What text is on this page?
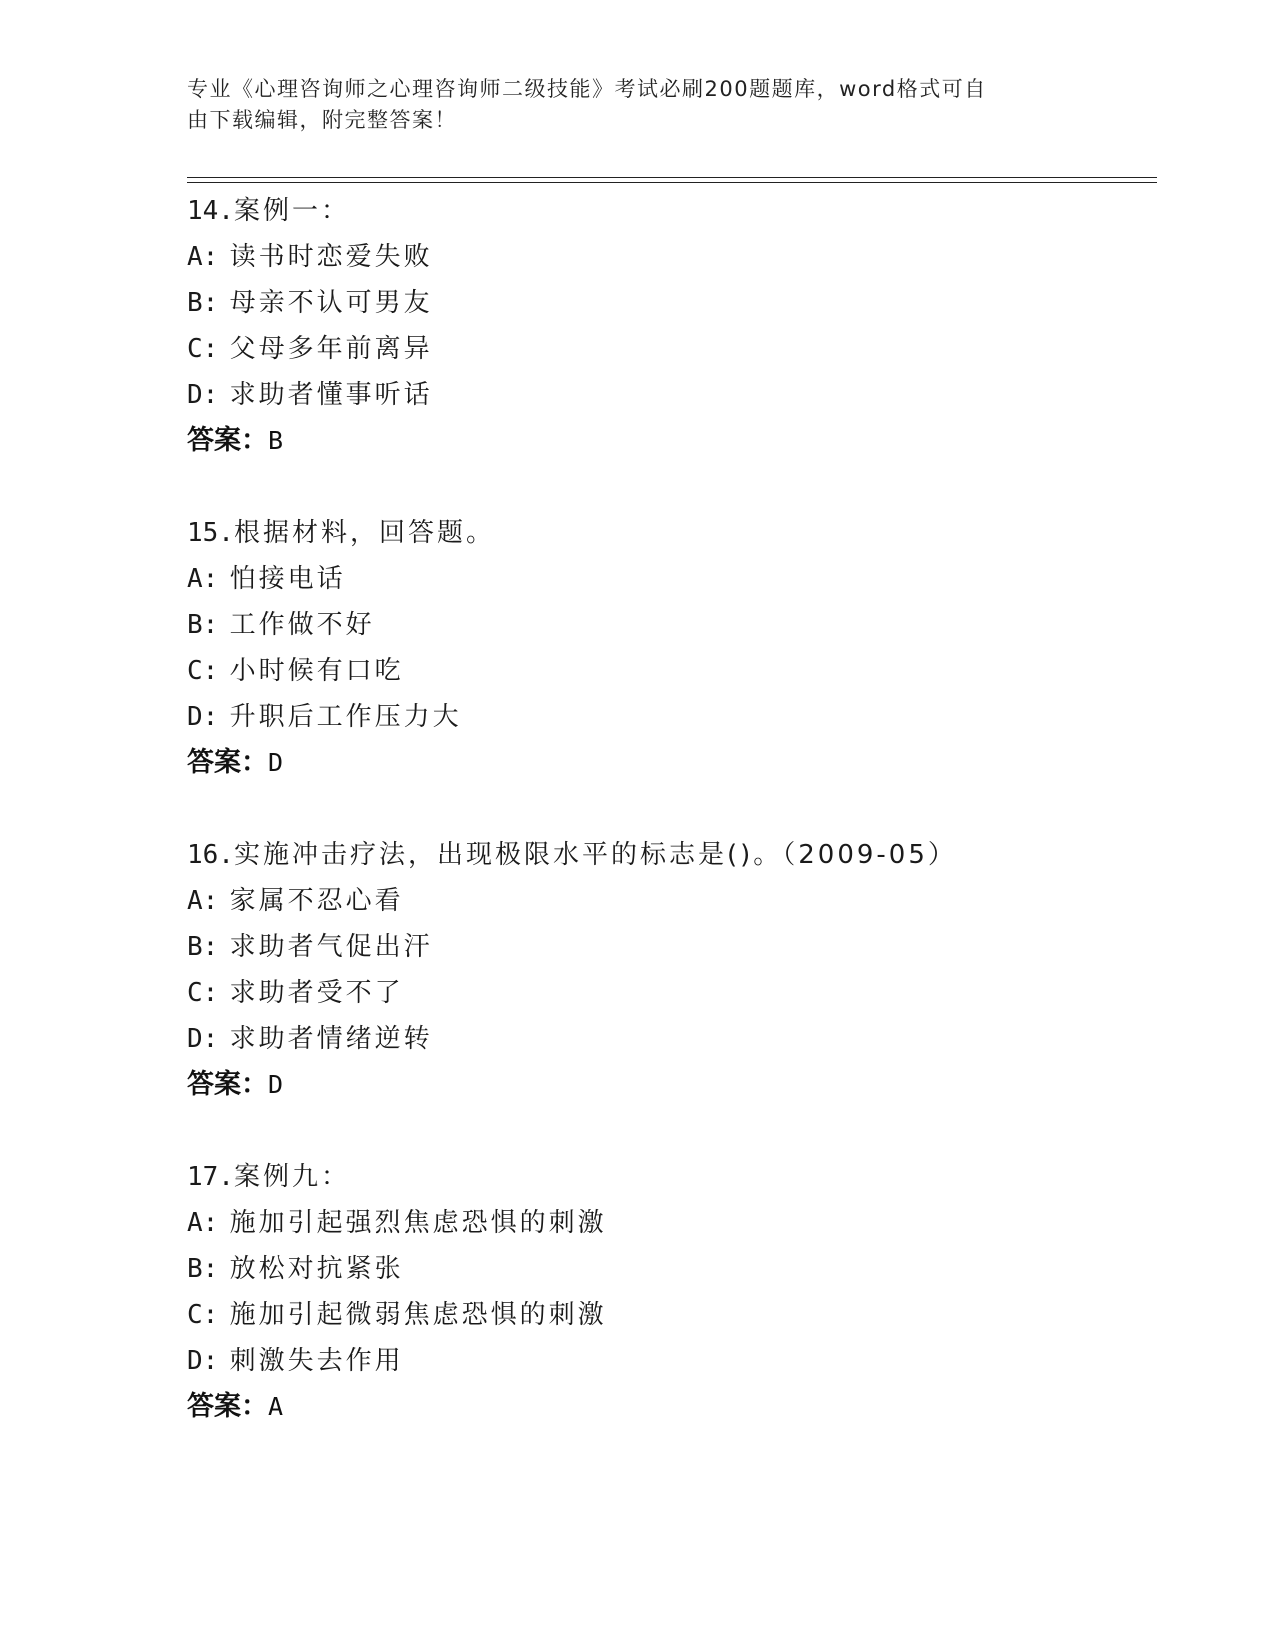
专业《心理咨询师之心理咨询师二级技能》考试必刷200题题库，word格式可自
由下载编辑，附完整答案！
14.案例一：
A: 读书时恋爱失败
B: 母亲不认可男友
C: 父母多年前离异
D: 求助者懂事听话
答案：B
15.根据材料，回答题。
A: 怕接电话
B: 工作做不好
C: 小时候有口吃
D: 升职后工作压力大
答案：D
16.实施冲击疗法，出现极限水平的标志是()。（2009-05）
A: 家属不忍心看
B: 求助者气促出汗
C: 求助者受不了
D: 求助者情绪逆转
答案：D
17.案例九：
A: 施加引起强烈焦虑恐惧的刺激
B: 放松对抗紧张
C: 施加引起微弱焦虑恐惧的刺激
D: 刺激失去作用
答案：A
